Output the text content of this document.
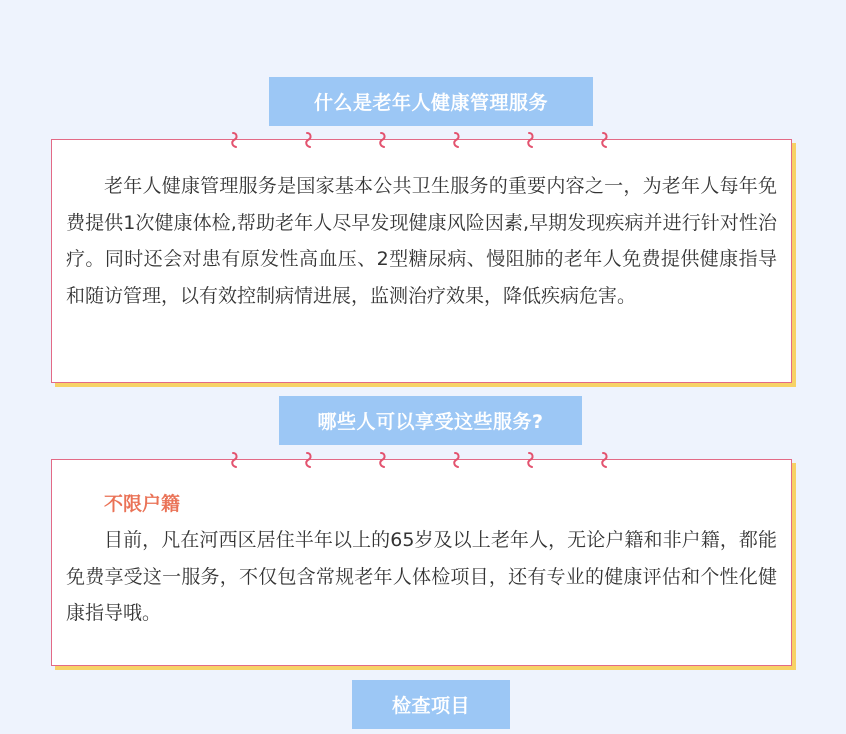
什么是老年人健康管理服务
老年人健康管理服务是国家基本公共卫生服务的重要内容之一，为老年人每年免费提供1次健康体检,帮助老年人尽早发现健康风险因素,早期发现疾病并进行针对性治疗。同时还会对患有原发性高血压、2型糖尿病、慢阻肺的老年人免费提供健康指导和随访管理，以有效控制病情进展，监测治疗效果，降低疾病危害。
哪些人可以享受这些服务?
不限户籍
目前，凡在河西区居住半年以上的65岁及以上老年人，无论户籍和非户籍，都能免费享受这一服务，不仅包含常规老年人体检项目，还有专业的健康评估和个性化健康指导哦。
检查项目
